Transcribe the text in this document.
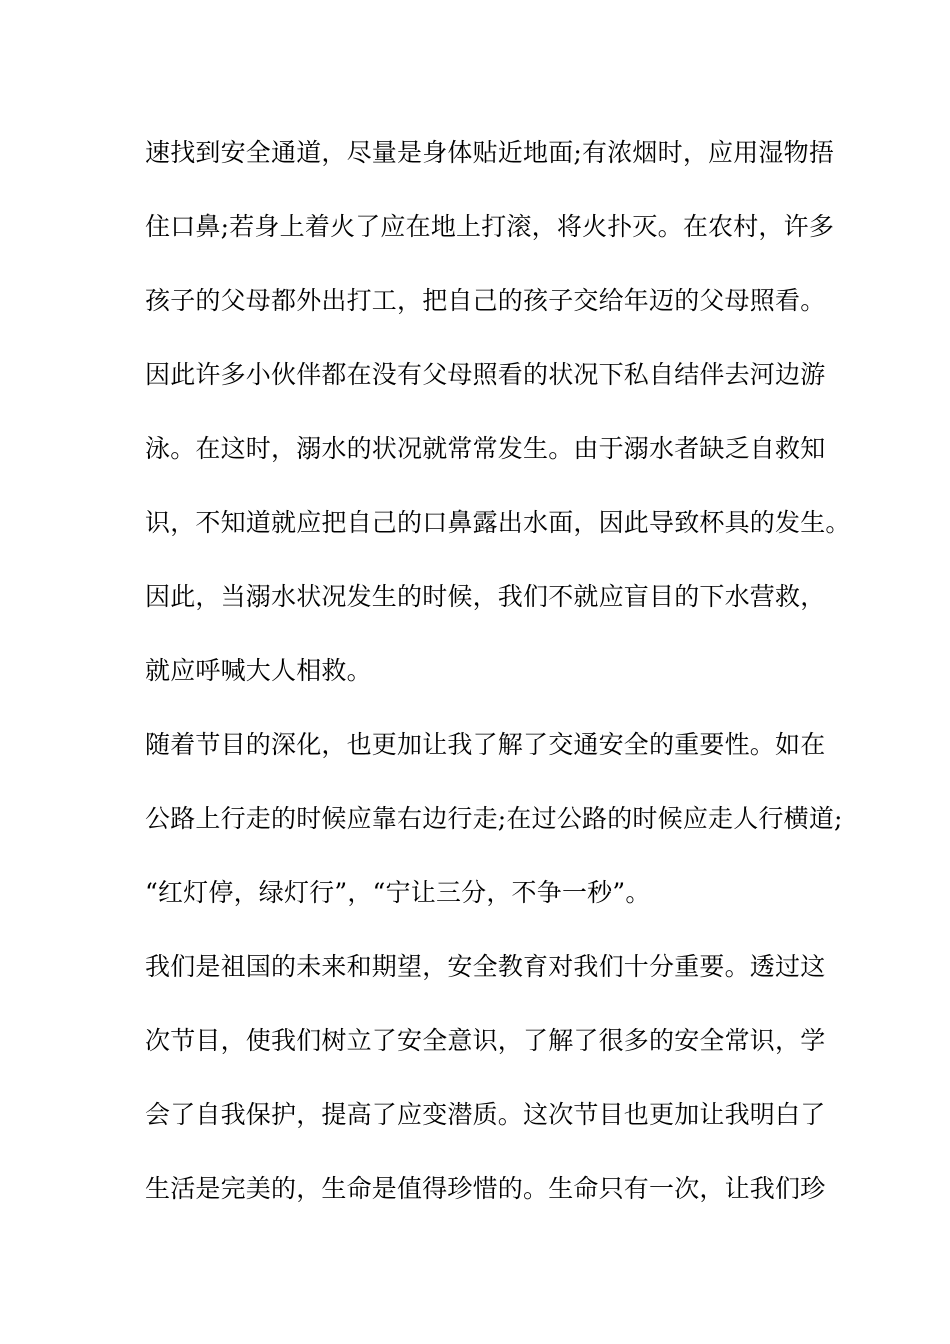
速找到安全通道，尽量是身体贴近地面;有浓烟时，应用湿物捂
住口鼻;若身上着火了应在地上打滚，将火扑灭。在农村，许多
孩子的父母都外出打工，把自己的孩子交给年迈的父母照看。
因此许多小伙伴都在没有父母照看的状况下私自结伴去河边游
泳。在这时，溺水的状况就常常发生。由于溺水者缺乏自救知
识，不知道就应把自己的口鼻露出水面，因此导致杯具的发生。
因此，当溺水状况发生的时候，我们不就应盲目的下水营救，
就应呼喊大人相救。
随着节目的深化，也更加让我了解了交通安全的重要性。如在
公路上行走的时候应靠右边行走;在过公路的时候应走人行横道;
“红灯停，绿灯行”，“宁让三分，不争一秒”。
我们是祖国的未来和期望，安全教育对我们十分重要。透过这
次节目，使我们树立了安全意识，了解了很多的安全常识，学
会了自我保护，提高了应变潜质。这次节目也更加让我明白了
生活是完美的，生命是值得珍惜的。生命只有一次，让我们珍
